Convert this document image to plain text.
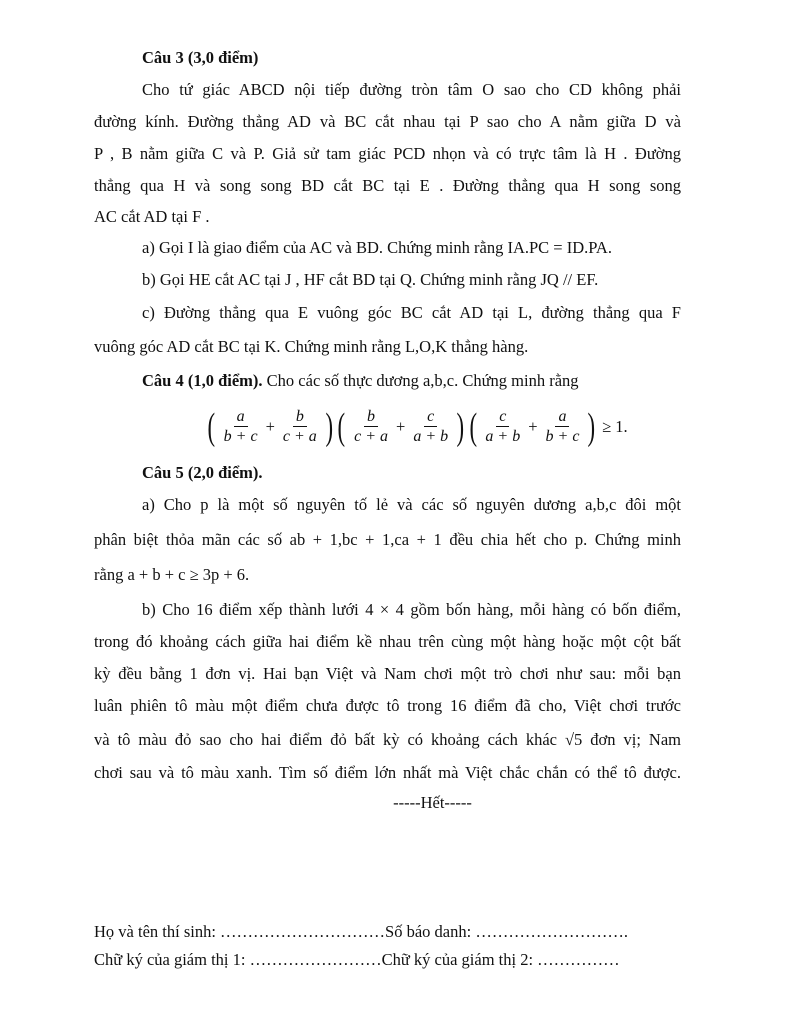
Câu 3 (3,0 điểm)
Cho tứ giác ABCD nội tiếp đường tròn tâm O sao cho CD không phải
đường kính. Đường thẳng AD và BC cắt nhau tại P sao cho A nằm giữa D và
P , B nằm giữa C và P. Giả sử tam giác PCD nhọn và có trực tâm là H . Đường
thẳng qua H và song song BD cắt BC tại E . Đường thẳng qua H song song
AC cắt AD tại F .
a) Gọi I là giao điểm của AC và BD. Chứng minh rằng IA.PC = ID.PA.
b) Gọi HE cắt AC tại J , HF cắt BD tại Q. Chứng minh rằng JQ // EF.
c) Đường thẳng qua E vuông góc BC cắt AD tại L, đường thẳng qua F
vuông góc AD cắt BC tại K. Chứng minh rằng L,O,K thẳng hàng.
Câu 4 (1,0 điểm). Cho các số thực dương a,b,c. Chứng minh rằng
( $\frac{a}{b + c} + \frac{b}{c + a}$ ) ( $\frac{b}{c + a} + \frac{c}{a + b}$ ) ( $\frac{c}{a + b} + \frac{a}{b + c}$ ) ≥ 1.
Câu 5 (2,0 điểm).
a) Cho p là một số nguyên tố lẻ và các số nguyên dương a,b,c đôi một
phân biệt thỏa mãn các số ab + 1,bc + 1,ca + 1 đều chia hết cho p. Chứng minh
rằng a + b + c ≥ 3p + 6.
b) Cho 16 điểm xếp thành lưới 4 × 4 gồm bốn hàng, mỗi hàng có bốn điểm,
trong đó khoảng cách giữa hai điểm kề nhau trên cùng một hàng hoặc một cột bất
kỳ đều bằng 1 đơn vị. Hai bạn Việt và Nam chơi một trò chơi như sau: mỗi bạn
luân phiên tô màu một điểm chưa được tô trong 16 điểm đã cho, Việt chơi trước
và tô màu đỏ sao cho hai điểm đỏ bất kỳ có khoảng cách khác √5 đơn vị; Nam
chơi sau và tô màu xanh. Tìm số điểm lớn nhất mà Việt chắc chắn có thể tô được.
-----Hết-----
Họ và tên thí sinh: …………………………Số báo danh: ……………………….
Chữ ký của giám thị 1: ……………………Chữ ký của giám thị 2: ……………
